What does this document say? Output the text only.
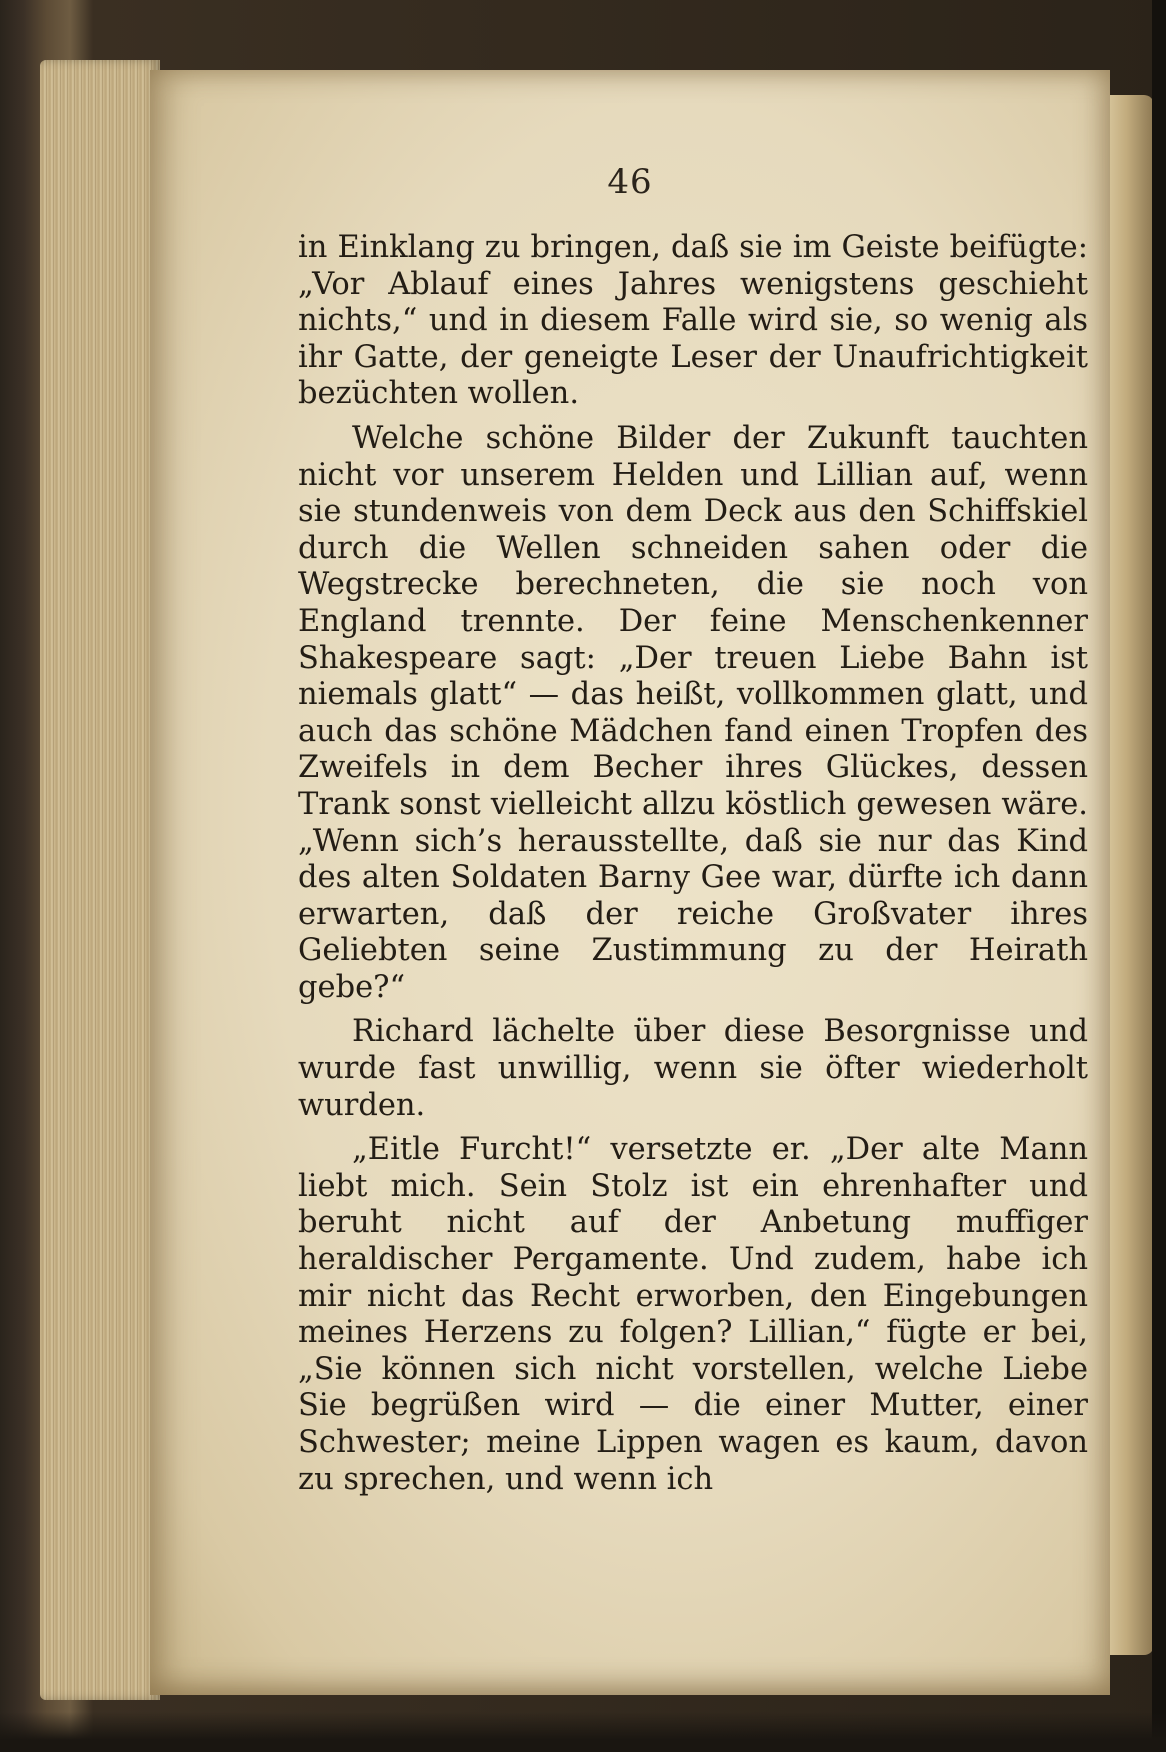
46

in Einklang zu bringen, daß sie im Geiste beifügte: „Vor Ablauf eines Jahres wenigstens geschieht nichts,“ und in diesem Falle wird sie, so wenig als ihr Gatte, der geneigte Leser der Unaufrichtigkeit bezüchten wollen.

Welche schöne Bilder der Zukunft tauchten nicht vor unserem Helden und Lillian auf, wenn sie stundenweis von dem Deck aus den Schiffskiel durch die Wellen schneiden sahen oder die Wegstrecke berechneten, die sie noch von England trennte. Der feine Menschenkenner Shakespeare sagt: „Der treuen Liebe Bahn ist niemals glatt“ — das heißt, vollkommen glatt, und auch das schöne Mädchen fand einen Tropfen des Zweifels in dem Becher ihres Glückes, dessen Trank sonst vielleicht allzu köstlich gewesen wäre. „Wenn sich’s herausstellte, daß sie nur das Kind des alten Soldaten Barny Gee war, dürfte ich dann erwarten, daß der reiche Großvater ihres Geliebten seine Zustimmung zu der Heirath gebe?“

Richard lächelte über diese Besorgnisse und wurde fast unwillig, wenn sie öfter wiederholt wurden.

„Eitle Furcht!“ versetzte er. „Der alte Mann liebt mich. Sein Stolz ist ein ehrenhafter und beruht nicht auf der Anbetung muffiger heraldischer Pergamente. Und zudem, habe ich mir nicht das Recht erworben, den Eingebungen meines Herzens zu folgen? Lillian,“ fügte er bei, „Sie können sich nicht vorstellen, welche Liebe Sie begrüßen wird — die einer Mutter, einer Schwester; meine Lippen wagen es kaum, davon zu sprechen, und wenn ich
